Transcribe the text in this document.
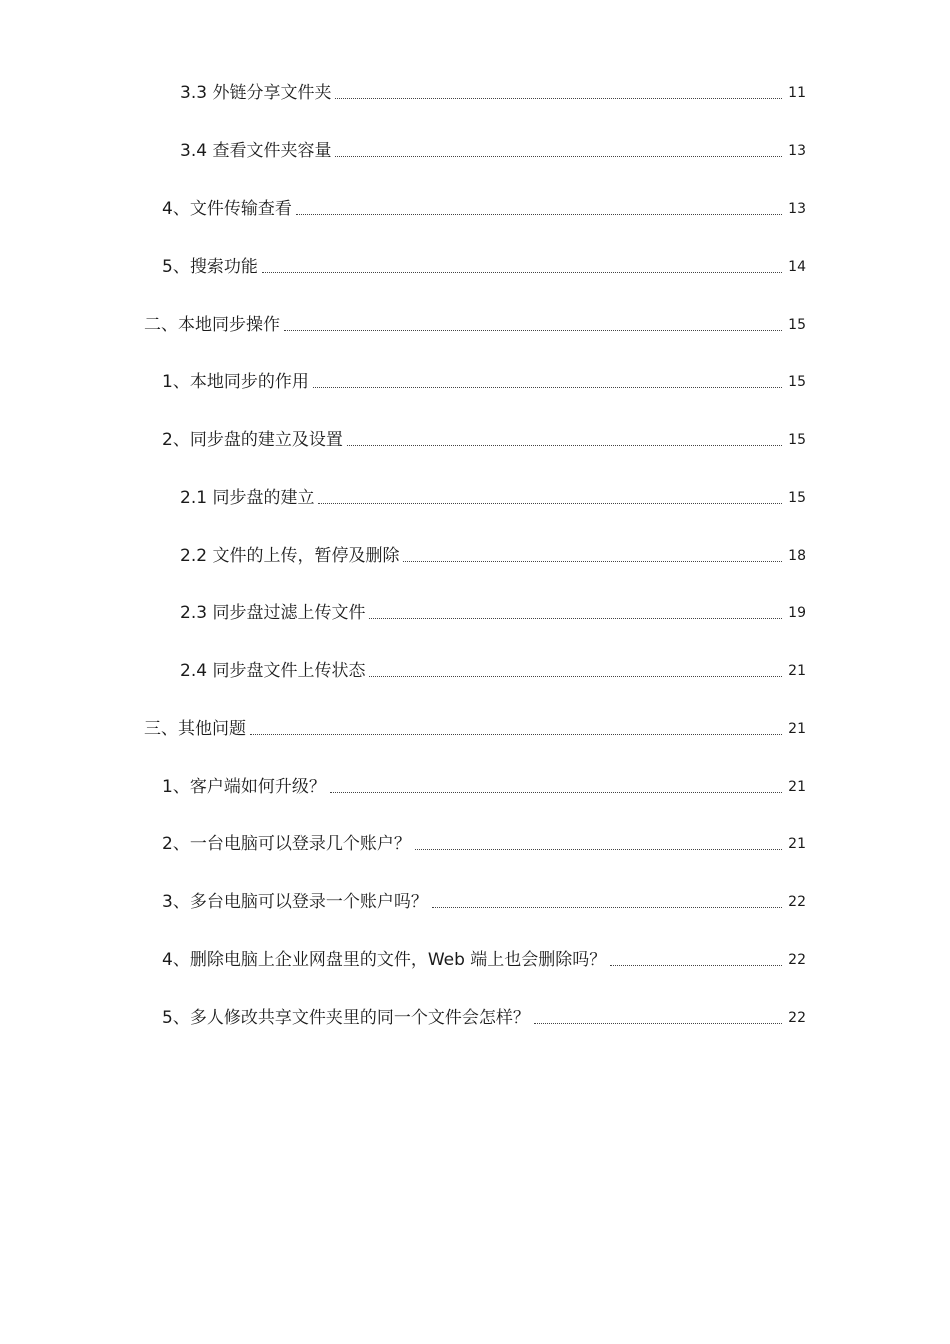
3.3 外链分享文件夹	11
3.4 查看文件夹容量	13
4、文件传输查看	13
5、搜索功能	14
二、本地同步操作	15
1、本地同步的作用	15
2、同步盘的建立及设置	15
2.1 同步盘的建立	15
2.2 文件的上传，暂停及删除	18
2.3 同步盘过滤上传文件	19
2.4 同步盘文件上传状态	21
三、其他问题	21
1、客户端如何升级？	21
2、一台电脑可以登录几个账户？	21
3、多台电脑可以登录一个账户吗？	22
4、删除电脑上企业网盘里的文件，Web 端上也会删除吗？	22
5、多人修改共享文件夹里的同一个文件会怎样？	22
